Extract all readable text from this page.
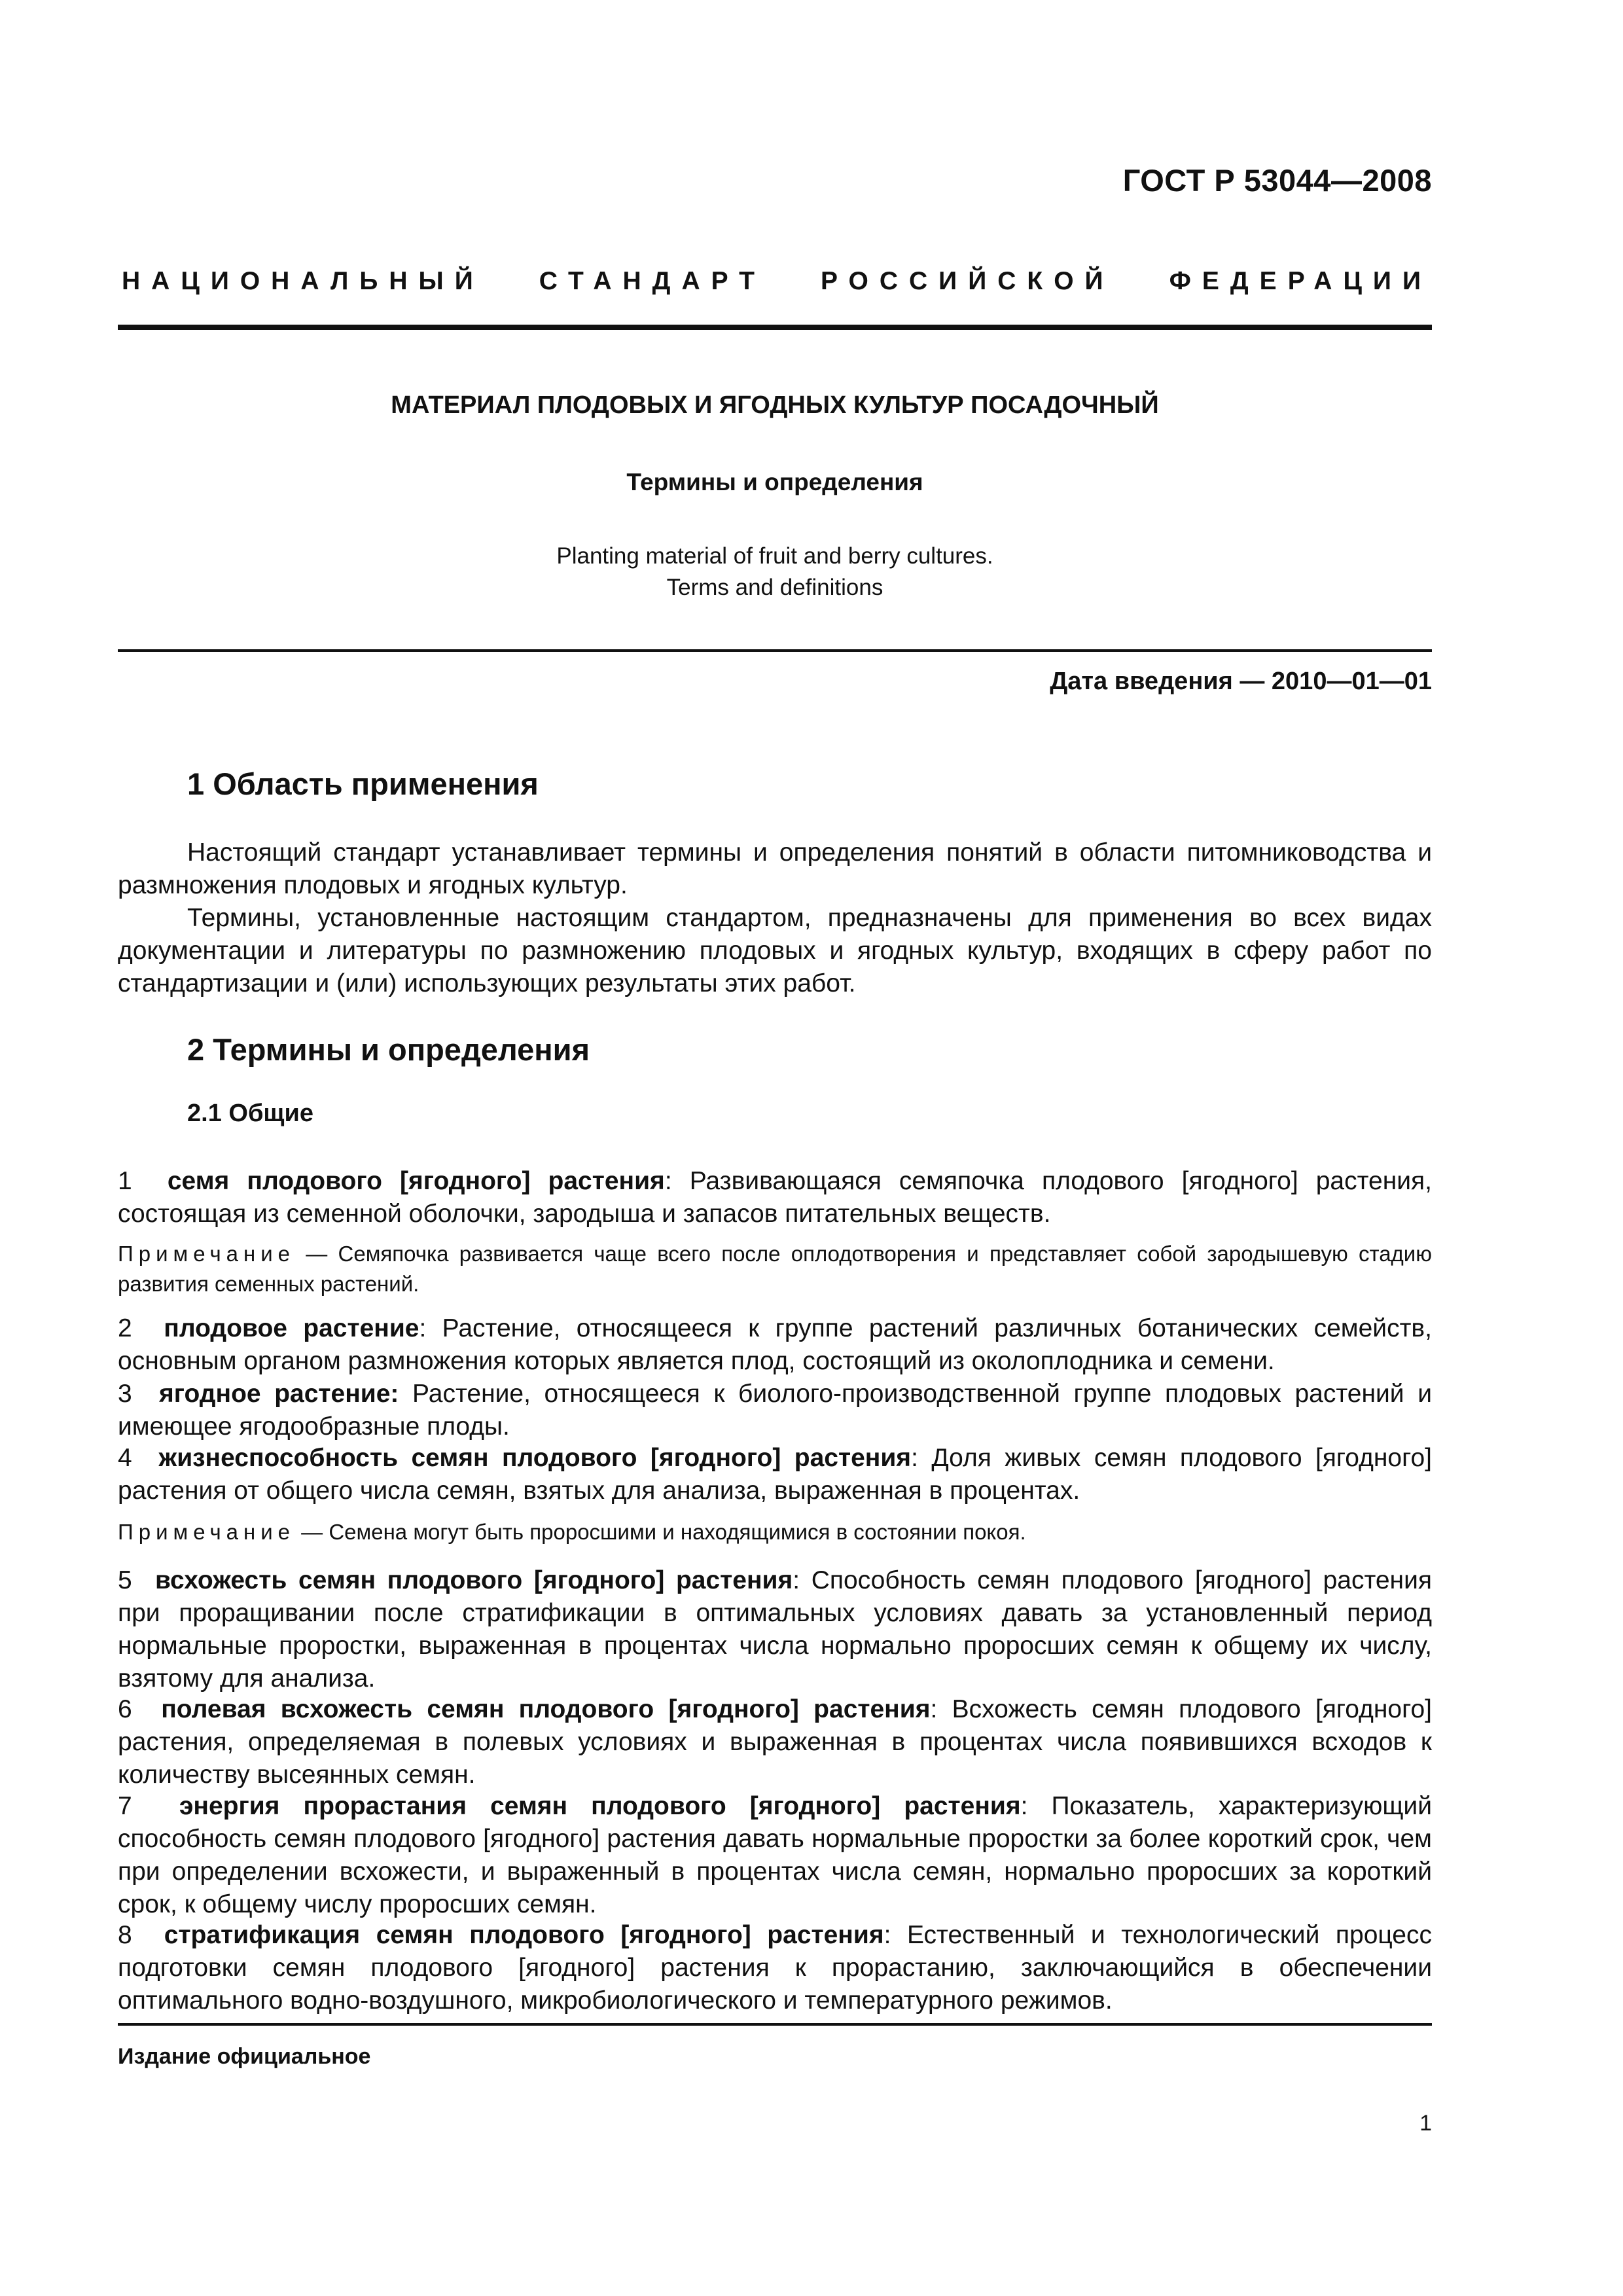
ГОСТ Р 53044—2008
НАЦИОНАЛЬНЫЙ СТАНДАРТ РОССИЙСКОЙ ФЕДЕРАЦИИ
МАТЕРИАЛ ПЛОДОВЫХ И ЯГОДНЫХ КУЛЬТУР ПОСАДОЧНЫЙ
Термины и определения
Planting material of fruit and berry cultures.
Terms and definitions
Дата введения — 2010—01—01
1 Область применения
Настоящий стандарт устанавливает термины и определения понятий в области питомниководства и размножения плодовых и ягодных культур.
Термины, установленные настоящим стандартом, предназначены для применения во всех видах документации и литературы по размножению плодовых и ягодных культур, входящих в сферу работ по стандартизации и (или) использующих результаты этих работ.
2 Термины и определения
2.1 Общие
1 семя плодового [ягодного] растения: Развивающаяся семяпочка плодового [ягодного] растения, состоящая из семенной оболочки, зародыша и запасов питательных веществ.
Примечание — Семяпочка развивается чаще всего после оплодотворения и представляет собой зародышевую стадию развития семенных растений.
2 плодовое растение: Растение, относящееся к группе растений различных ботанических семейств, основным органом размножения которых является плод, состоящий из околоплодника и семени.
3 ягодное растение: Растение, относящееся к биолого-производственной группе плодовых растений и имеющее ягодообразные плоды.
4 жизнеспособность семян плодового [ягодного] растения: Доля живых семян плодового [ягодного] растения от общего числа семян, взятых для анализа, выраженная в процентах.
Примечание — Семена могут быть проросшими и находящимися в состоянии покоя.
5 всхожесть семян плодового [ягодного] растения: Способность семян плодового [ягодного] растения при проращивании после стратификации в оптимальных условиях давать за установленный период нормальные проростки, выраженная в процентах числа нормально проросших семян к общему их числу, взятому для анализа.
6 полевая всхожесть семян плодового [ягодного] растения: Всхожесть семян плодового [ягодного] растения, определяемая в полевых условиях и выраженная в процентах числа появившихся всходов к количеству высеянных семян.
7 энергия прорастания семян плодового [ягодного] растения: Показатель, характеризующий способность семян плодового [ягодного] растения давать нормальные проростки за более короткий срок, чем при определении всхожести, и выраженный в процентах числа семян, нормально проросших за короткий срок, к общему числу проросших семян.
8 стратификация семян плодового [ягодного] растения: Естественный и технологический процесс подготовки семян плодового [ягодного] растения к прорастанию, заключающийся в обеспечении оптимального водно-воздушного, микробиологического и температурного режимов.
Издание официальное
1
